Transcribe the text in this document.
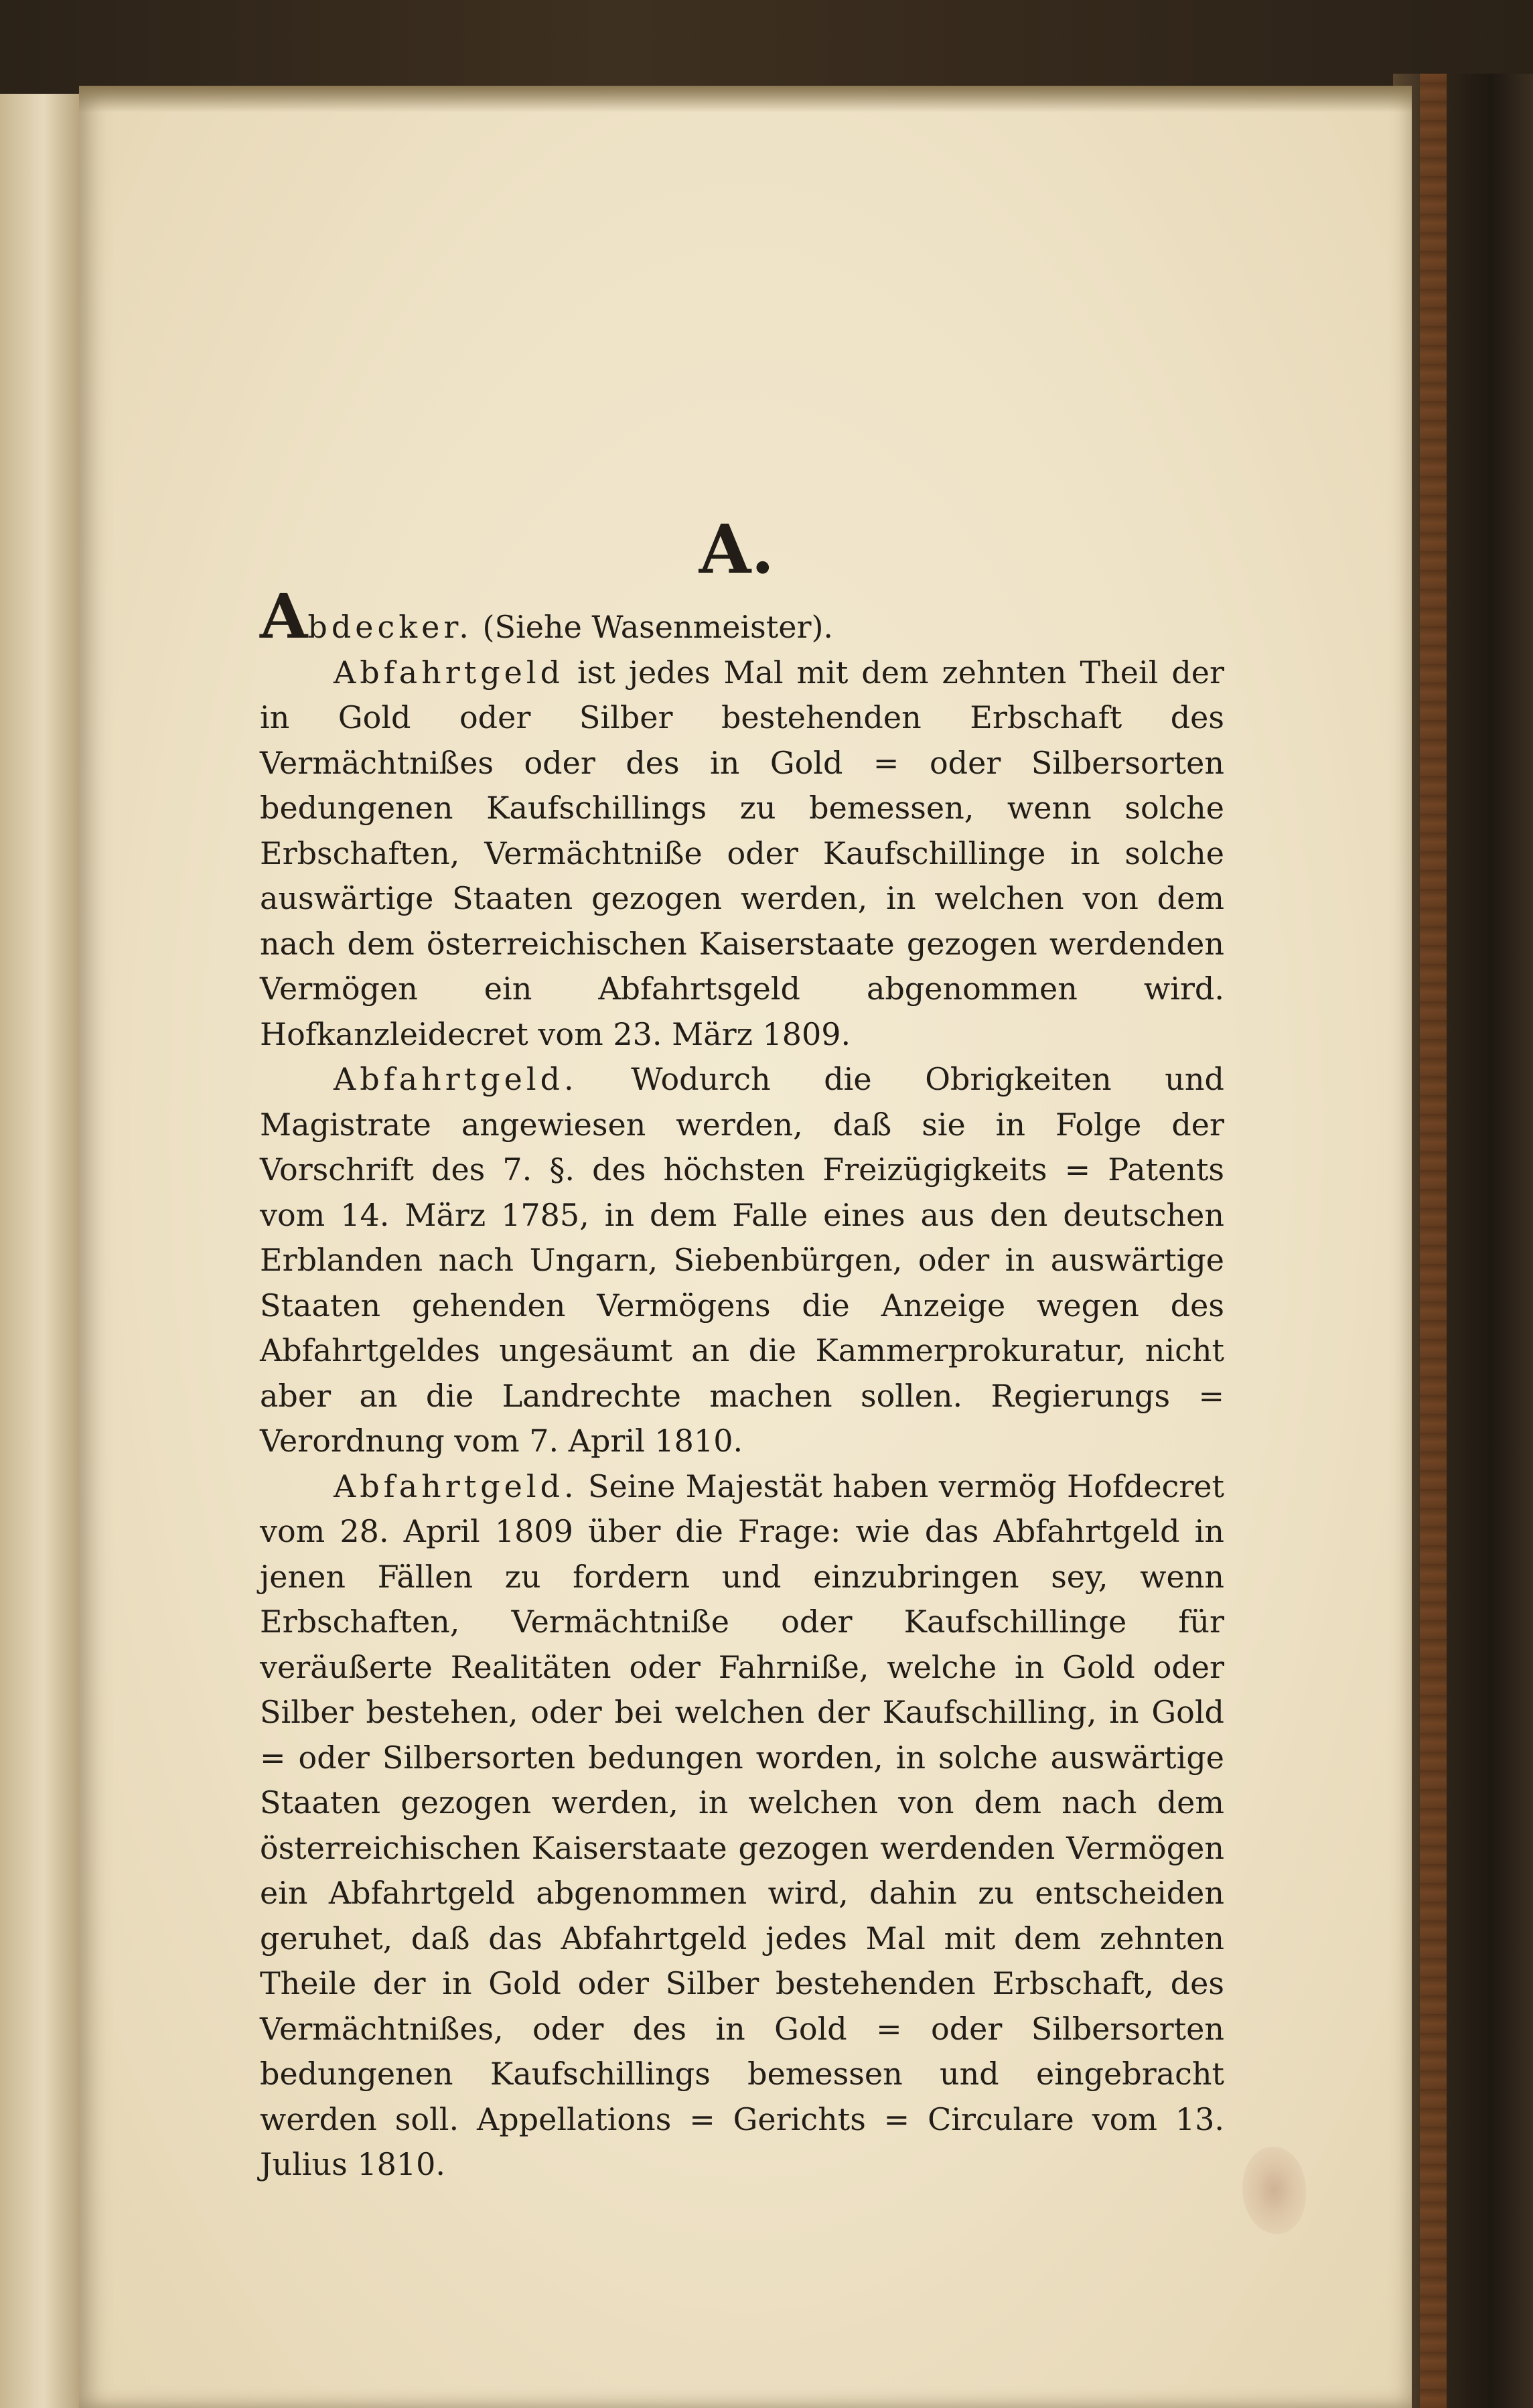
A.

Abdecker. (Siehe Wasenmeister).

Abfahrtgeld ist jedes Mal mit dem zehnten Theil der in Gold oder Silber bestehenden Erbschaft des Vermächtnißes oder des in Gold = oder Silbersorten bedungenen Kaufschillings zu bemessen, wenn solche Erbschaften, Vermächtniße oder Kaufschillinge in solche auswärtige Staaten gezogen werden, in welchen von dem nach dem österreichischen Kaiserstaate gezogen werdenden Vermögen ein Abfahrtsgeld abgenommen wird. Hofkanzleidecret vom 23. März 1809.

Abfahrtgeld. Wodurch die Obrigkeiten und Magistrate angewiesen werden, daß sie in Folge der Vorschrift des 7. §. des höchsten Freizügigkeits = Patents vom 14. März 1785, in dem Falle eines aus den deutschen Erblanden nach Ungarn, Siebenbürgen, oder in auswärtige Staaten gehenden Vermögens die Anzeige wegen des Abfahrtgeldes ungesäumt an die Kammerprokuratur, nicht aber an die Landrechte machen sollen. Regierungs = Verordnung vom 7. April 1810.

Abfahrtgeld. Seine Majestät haben vermög Hofdecret vom 28. April 1809 über die Frage: wie das Abfahrtgeld in jenen Fällen zu fordern und einzubringen sey, wenn Erbschaften, Vermächtniße oder Kaufschillinge für veräußerte Realitäten oder Fahrniße, welche in Gold oder Silber bestehen, oder bei welchen der Kaufschilling, in Gold = oder Silbersorten bedungen worden, in solche auswärtige Staaten gezogen werden, in welchen von dem nach dem österreichischen Kaiserstaate gezogen werdenden Vermögen ein Abfahrtgeld abgenommen wird, dahin zu entscheiden geruhet, daß das Abfahrtgeld jedes Mal mit dem zehnten Theile der in Gold oder Silber bestehenden Erbschaft, des Vermächtnißes, oder des in Gold = oder Silbersorten bedungenen Kaufschillings bemessen und eingebracht werden soll. Appellations = Gerichts = Circulare vom 13. Julius 1810.
